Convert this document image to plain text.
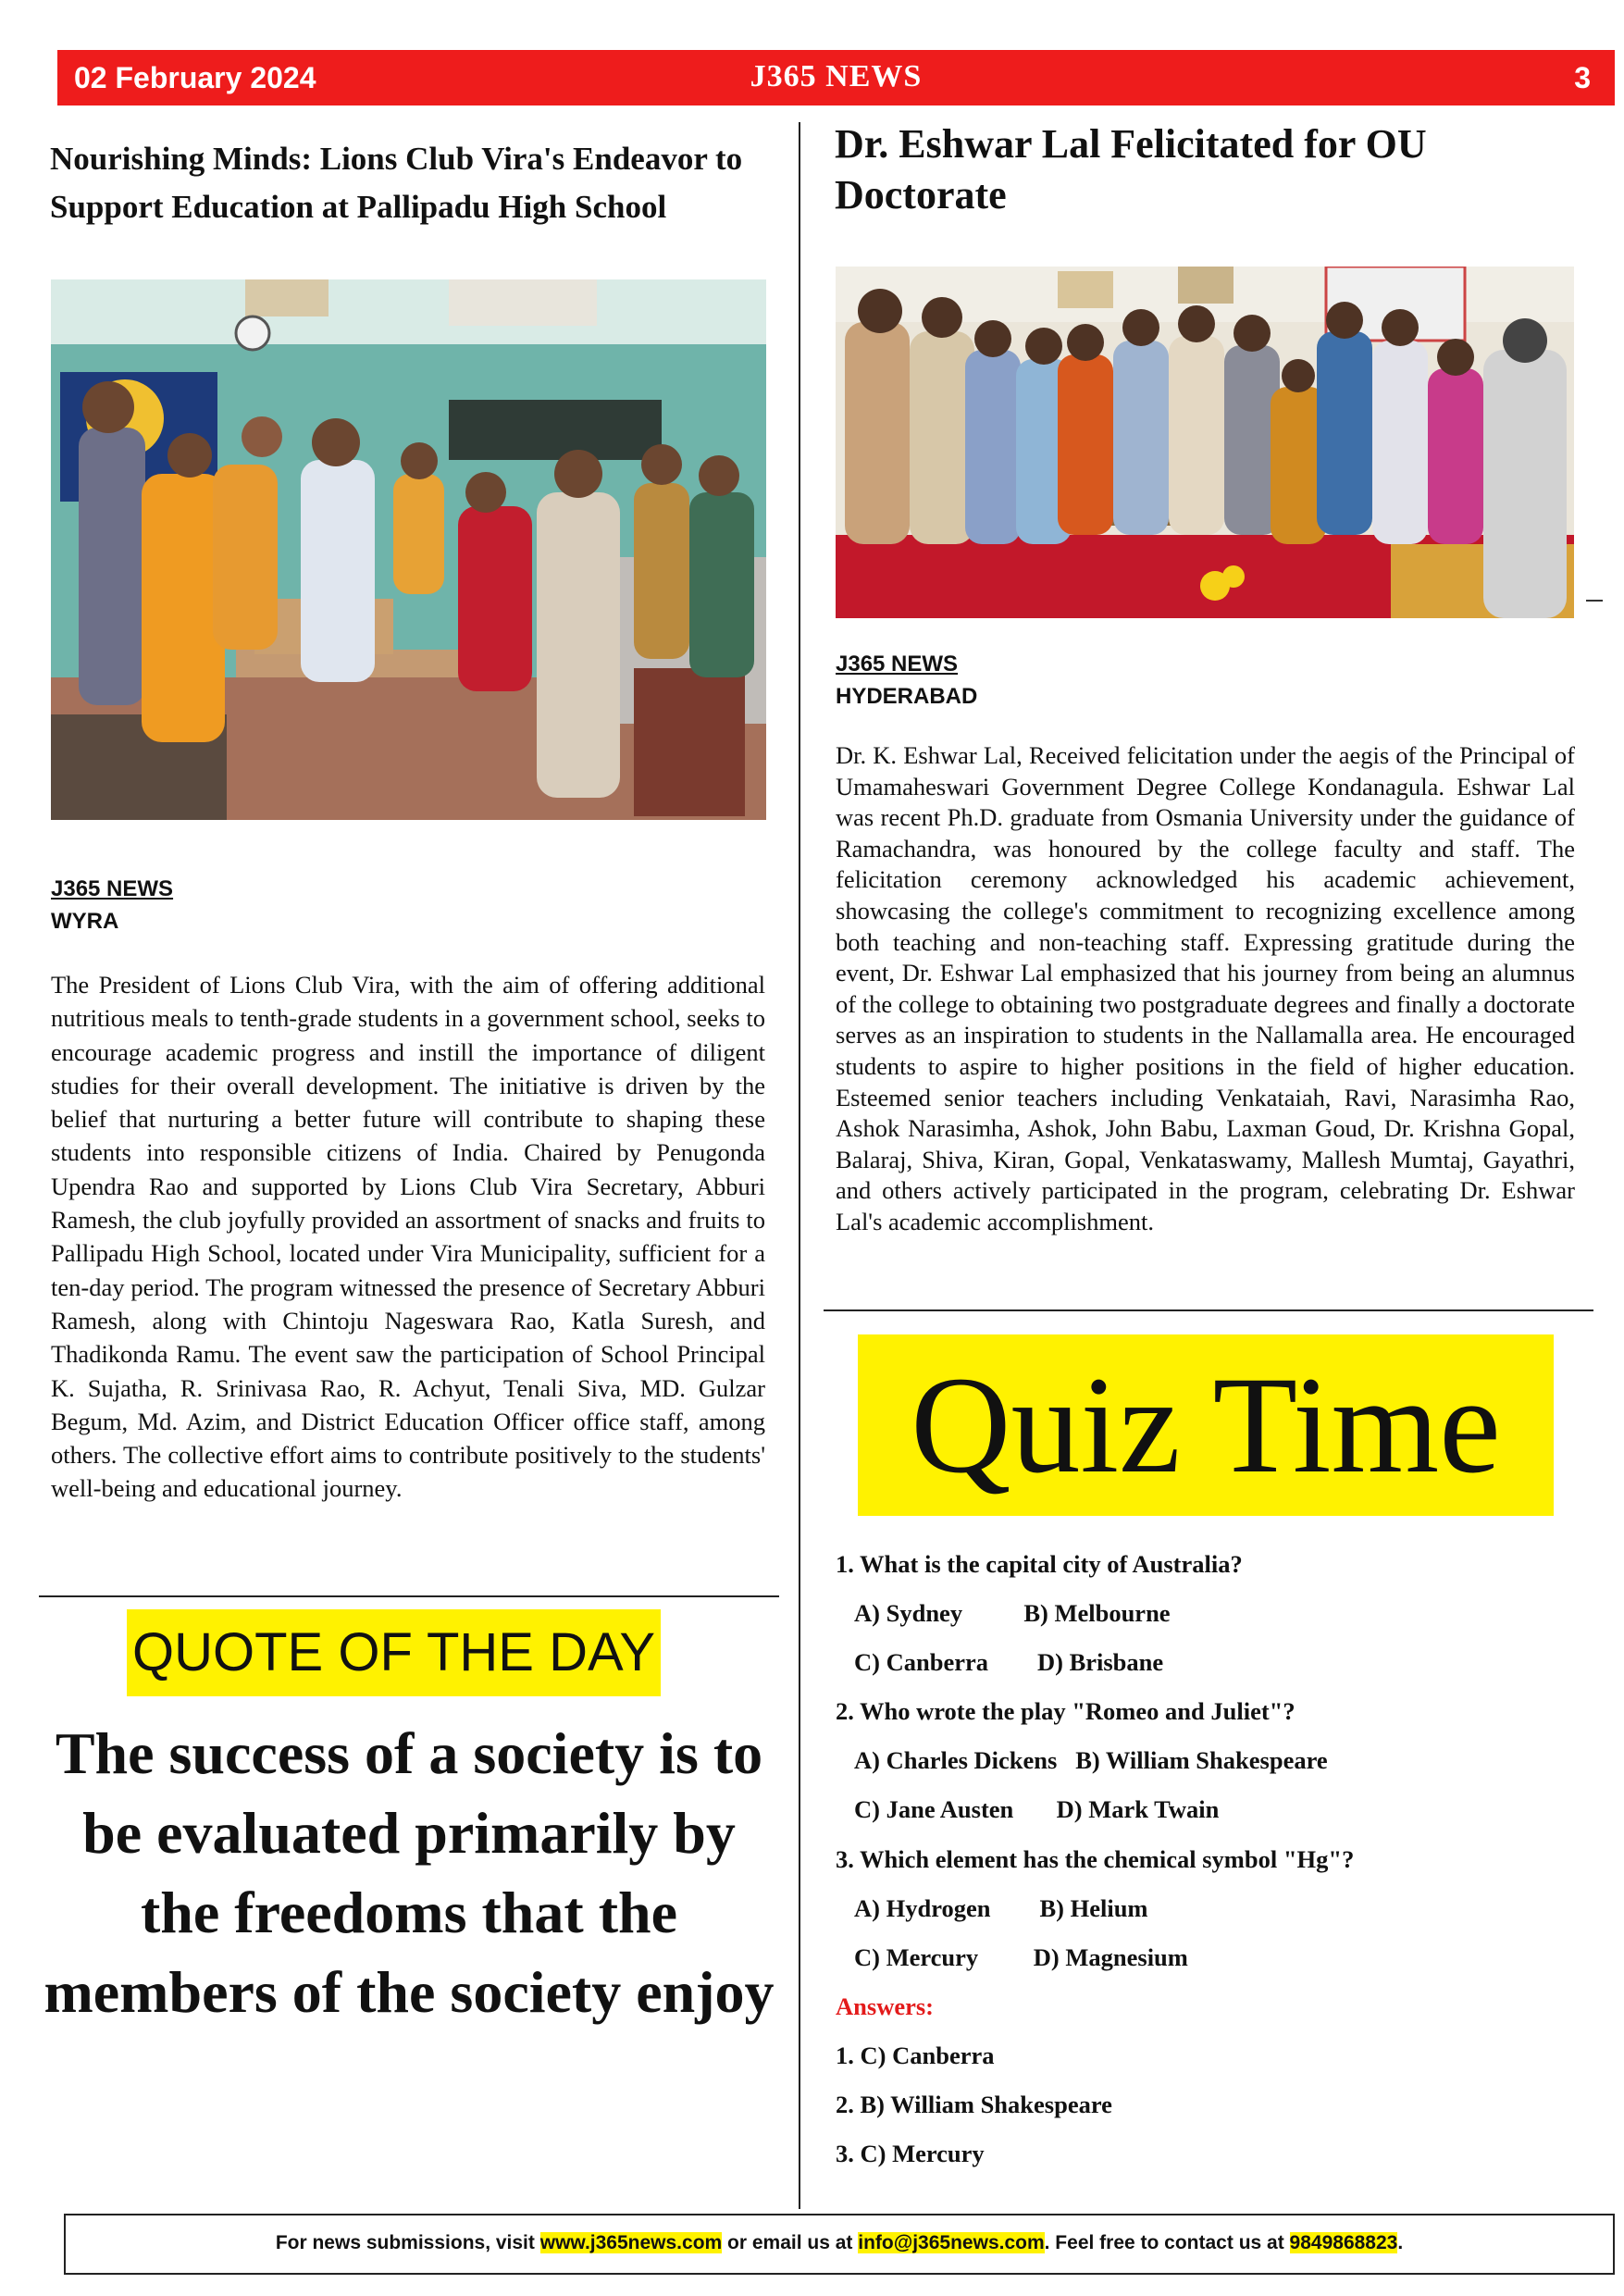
02 February 2024	J365 NEWS	3
Nourishing Minds: Lions Club Vira's Endeavor to Support Education at Pallipadu High School
J365 NEWS
WYRA
The President of Lions Club Vira, with the aim of offering additional nutritious meals to tenth-grade students in a government school, seeks to encourage academic progress and instill the importance of diligent studies for their overall development. The initiative is driven by the belief that nurturing a better future will contribute to shaping these students into responsible citizens of India. Chaired by Penugonda Upendra Rao and supported by Lions Club Vira Secretary, Abburi Ramesh, the club joyfully provided an assortment of snacks and fruits to Pallipadu High School, located under Vira Municipality, sufficient for a ten-day period. The program witnessed the presence of Secretary Abburi Ramesh, along with Chintoju Nageswara Rao, Katla Suresh, and Thadikonda Ramu. The event saw the participation of School Principal K. Sujatha, R. Srinivasa Rao, R. Achyut, Tenali Siva, MD. Gulzar Begum, Md. Azim, and District Education Officer office staff, among others. The collective effort aims to contribute positively to the students' well-being and educational journey.
QUOTE OF THE DAY
The success of a society is to be evaluated primarily by the freedoms that the members of the society enjoy
Dr. Eshwar Lal Felicitated for OU Doctorate
J365 NEWS
HYDERABAD
Dr. K. Eshwar Lal, Received felicitation under the aegis of the Principal of Umamaheswari Government Degree College Kondanagula. Eshwar Lal was recent Ph.D. graduate from Osmania University under the guidance of Ramachandra, was honoured by the college faculty and staff. The felicitation ceremony acknowledged his academic achievement, showcasing the college's commitment to recognizing excellence among both teaching and non-teaching staff. Expressing gratitude during the event, Dr. Eshwar Lal emphasized that his journey from being an alumnus of the college to obtaining two postgraduate degrees and finally a doctorate serves as an inspiration to students in the Nallamalla area. He encouraged students to aspire to higher positions in the field of higher education. Esteemed senior teachers including Venkataiah, Ravi, Narasimha Rao, Ashok Narasimha, Ashok, John Babu, Laxman Goud, Dr. Krishna Gopal, Balaraj, Shiva, Kiran, Gopal, Venkataswamy, Mallesh Mumtaj, Gayathri, and others actively participated in the program, celebrating Dr. Eshwar Lal's academic accomplishment.
Quiz Time
1. What is the capital city of Australia?
A) Sydney          B) Melbourne
C) Canberra        D) Brisbane
2. Who wrote the play "Romeo and Juliet"?
A) Charles Dickens   B) William Shakespeare
C) Jane Austen       D) Mark Twain
3. Which element has the chemical symbol "Hg"?
A) Hydrogen        B) Helium
C) Mercury         D) Magnesium
Answers:
1. C) Canberra
2. B) William Shakespeare
3. C) Mercury
For news submissions, visit www.j365news.com or email us at info@j365news.com. Feel free to contact us at 9849868823.
